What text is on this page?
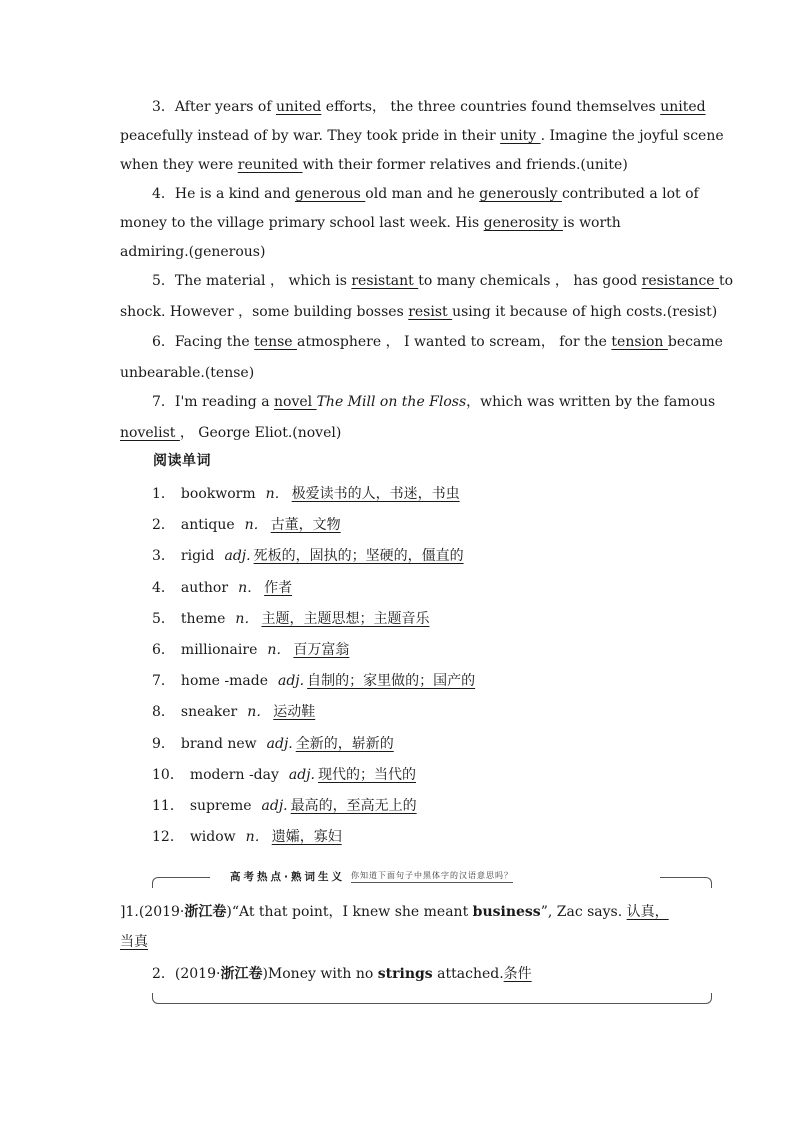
3．After years of united efforts， the three countries found themselves united
peacefully instead of by war. They took pride in their unity . Imagine the joyful scene
when they were reunited with their former relatives and friends.(unite)
4．He is a kind and generous old man and he generously contributed a lot of
money to the village primary school last week. His generosity is worth
admiring.(generous)
5．The material ， which is resistant to many chemicals ， has good resistance to
shock. However ，some building bosses resist using it because of high costs.(resist)
6．Facing the tense atmosphere ， I wanted to scream， for the tension became
unbearable.(tense)
7．I'm reading a novel The Mill on the Floss，which was written by the famous
novelist ， George Eliot.(novel)
阅读单词
1． bookworm n． 极爱读书的人，书迷，书虫
2． antique n． 古董，文物
3． rigid adj. 死板的，固执的；坚硬的，僵直的
4． author n． 作者
5． theme n． 主题，主题思想；主题音乐
6． millionaire n． 百万富翁
7． home -made adj. 自制的；家里做的；国产的
8． sneaker n． 运动鞋
9． brand new adj. 全新的，崭新的
10． modern -day adj. 现代的；当代的
11． supreme adj. 最高的，至高无上的
12． widow n． 遗孀，寡妇
高考热点·熟词生义 你知道下面句子中黑体字的汉语意思吗？
]1.(2019·浙江卷)“At that point，I knew she meant business”, Zac says. 认真，
当真
2．(2019·浙江卷)Money with no strings attached.条件
